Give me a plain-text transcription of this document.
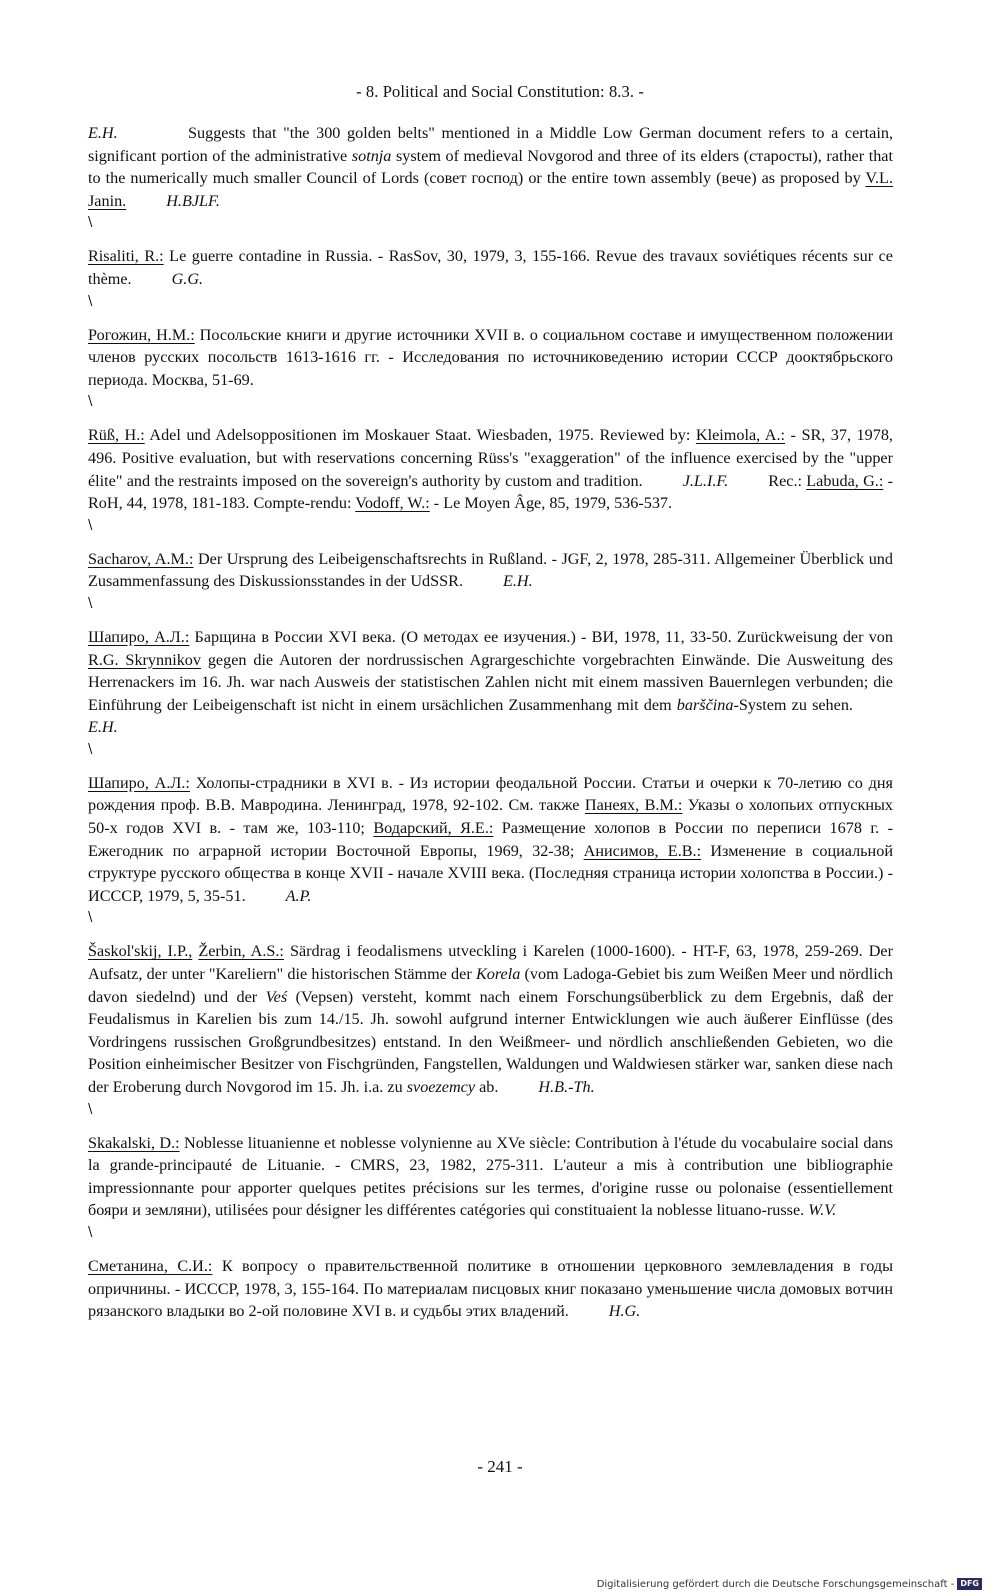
- 8. Political and Social Constitution: 8.3. -

E.H.	Suggests that "the 300 golden belts" mentioned in a Middle Low German document refers to a certain, significant portion of the administrative sotnja system of medieval Novgorod and three of its elders (старосты), rather that to the numerically much smaller Council of Lords (совет господ) or the entire town assembly (вече) as proposed by V.L. Janin. H.BJLF.

\

Risaliti, R.: Le guerre contadine in Russia. - RasSov, 30, 1979, 3, 155-166. Revue des travaux soviétiques récents sur ce thème. G.G.

\

Рогожин, Н.М.: Посольские книги и другие источники XVII в. о социальном составе и имущественном положении членов русских посольств 1613-1616 гг. - Исследования по источниковедению истории СССР дооктябрьского периода. Москва, 51-69.

\

Rüß, H.: Adel und Adelsoppositionen im Moskauer Staat. Wiesbaden, 1975. Reviewed by: Kleimola, A.: - SR, 37, 1978, 496. Positive evaluation, but with reservations concerning Rüss's "exaggeration" of the influence exercised by the "upper élite" and the restraints imposed on the sovereign's authority by custom and tradition. J.L.I.F. Rec.: Labuda, G.: - RoH, 44, 1978, 181-183. Compte-rendu: Vodoff, W.: - Le Moyen Âge, 85, 1979, 536-537.

\

Sacharov, A.M.: Der Ursprung des Leibeigenschaftsrechts in Rußland. - JGF, 2, 1978, 285-311. Allgemeiner Überblick und Zusammenfassung des Diskussionsstandes in der UdSSR. E.H.

\

Шапиро, А.Л.: Барщина в России XVI века. (О методах ее изучения.) - ВИ, 1978, 11, 33-50. Zurückweisung der von R.G. Skrynnikov gegen die Autoren der nordrussischen Agrargeschichte vorgebrachten Einwände. Die Ausweitung des Herrenackers im 16. Jh. war nach Ausweis der statistischen Zahlen nicht mit einem massiven Bauernlegen verbunden; die Einführung der Leibeigenschaft ist nicht in einem ursächlichen Zusammenhang mit dem barščina-System zu sehen.E.H.

\

Шапиро, А.Л.: Холопы-страдники в XVI в. - Из истории феодальной России. Статьи и очерки к 70-летию со дня рождения проф. В.В. Мавродина. Ленинград, 1978, 92-102. См. также Панеях, В.М.: Указы о холопьих отпускных 50-х годов XVI в. - там же, 103-110; Водарский, Я.Е.: Размещение холопов в России по переписи 1678 г. - Ежегодник по аграрной истории Восточной Европы, 1969, 32-38; Анисимов, Е.В.: Изменение в социальной структуре русского общества в конце XVII - начале XVIII века. (Последняя страница истории холопства в России.) - ИСССР, 1979, 5, 35-51. A.P.

\

Šaskol'skij, I.P., Žerbin, A.S.: Särdrag i feodalismens utveckling i Karelen (1000-1600). - HT-F, 63, 1978, 259-269. Der Aufsatz, der unter "Kareliern" die historischen Stämme der Korela (vom Ladoga-Gebiet bis zum Weißen Meer und nördlich davon siedelnd) und der Veś (Vepsen) versteht, kommt nach einem Forschungsüberblick zu dem Ergebnis, daß der Feudalismus in Karelien bis zum 14./15. Jh. sowohl aufgrund interner Entwicklungen wie auch äußerer Einflüsse (des Vordringens russischen Großgrundbesitzes) entstand. In den Weißmeer- und nördlich anschließenden Gebieten, wo die Position einheimischer Besitzer von Fischgründen, Fangstellen, Waldungen und Waldwiesen stärker war, sanken diese nach der Eroberung durch Novgorod im 15. Jh. i.a. zu svoezemcy ab. H.B.-Th.

\

Skakalski, D.: Noblesse lituanienne et noblesse volynienne au XVe siècle: Contribution à l'étude du vocabulaire social dans la grande-principauté de Lituanie. - CMRS, 23, 1982, 275-311. L'auteur a mis à contribution une bibliographie impressionnante pour apporter quelques petites précisions sur les termes, d'origine russe ou polonaise (essentiellement бояри и земляни), utilisées pour désigner les différentes catégories qui constituaient la noblesse lituano-russe. W.V.

\

Сметанина, С.И.: К вопросу о правительственной политике в отношении церковного землевладения в годы опричнины. - ИСССР, 1978, 3, 155-164. По материалам писцовых книг показано уменьшение числа домовых вотчин рязанского владыки во 2-ой половине XVI в. и судьбы этих владений. H.G.

- 241 -
Digitalisierung gefördert durch die Deutsche Forschungsgemeinschaft - DFG
